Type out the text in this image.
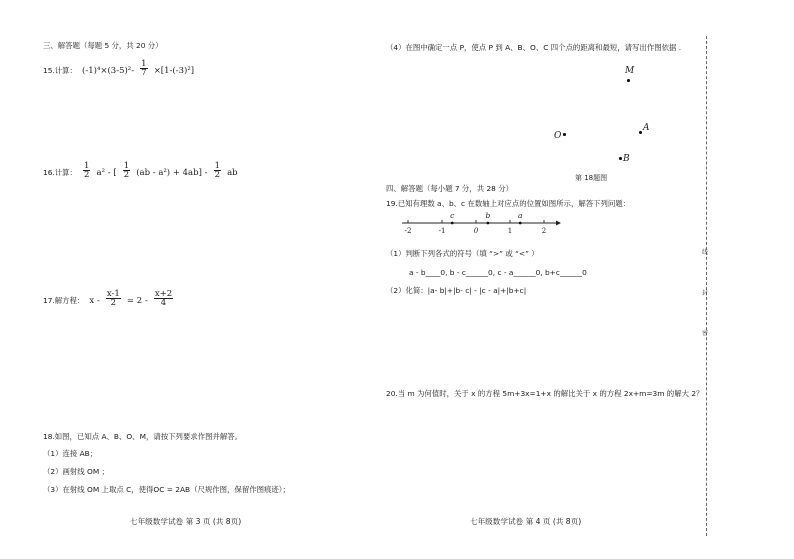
三、解答题（每题 5 分，共 20 分）
15.计算： $(-1)^4\times(3-5)^2- \frac{1}{7} \times[1-(-3)^2]$
16.计算： $\frac{1}{2} a^2$ - [ $\frac{1}{2} (ab - a^2) + 4ab] - \frac{1}{2}$ ab
17.解方程： $x - \frac{x-1}{2} = 2 - \frac{x+2}{4}$
18.如图，已知点 A、B、O、M，请按下列要求作图并解答。
（1）连接 AB；
（2）画射线 OM ；
（3）在射线 OM 上取点 C，使得OC = 2AB（尺规作图，保留作图痕迹）；
七年级数学试卷 第 3 页 (共 8页)
（4）在图中确定一点 P，使点 P 到 A、B、O、C 四个点的距离和最短，请写出作图依据 .
M
A
O
B
第 18题图
四、解答题（每小题 7 分，共 28 分）
19.已知有理数 a、b、c 在数轴上对应点的位置如图所示，解答下列问题：
-2	-1	0	1	2
c	b	a
（1）判断下列各式的符号（填 “>” 或 “<” ）
a - b____0, b - c______0, c - a______0, b+c______0
（2）化简：|a- b|+|b- c| - |c - a|+|b+c|
20.当 m 为何值时，关于 x 的方程 5m+3x=1+x 的解比关于 x 的方程 2x+m=3m 的解大 2？
七年级数学试卷 第 4 页 (共 8页)
线
封
密
